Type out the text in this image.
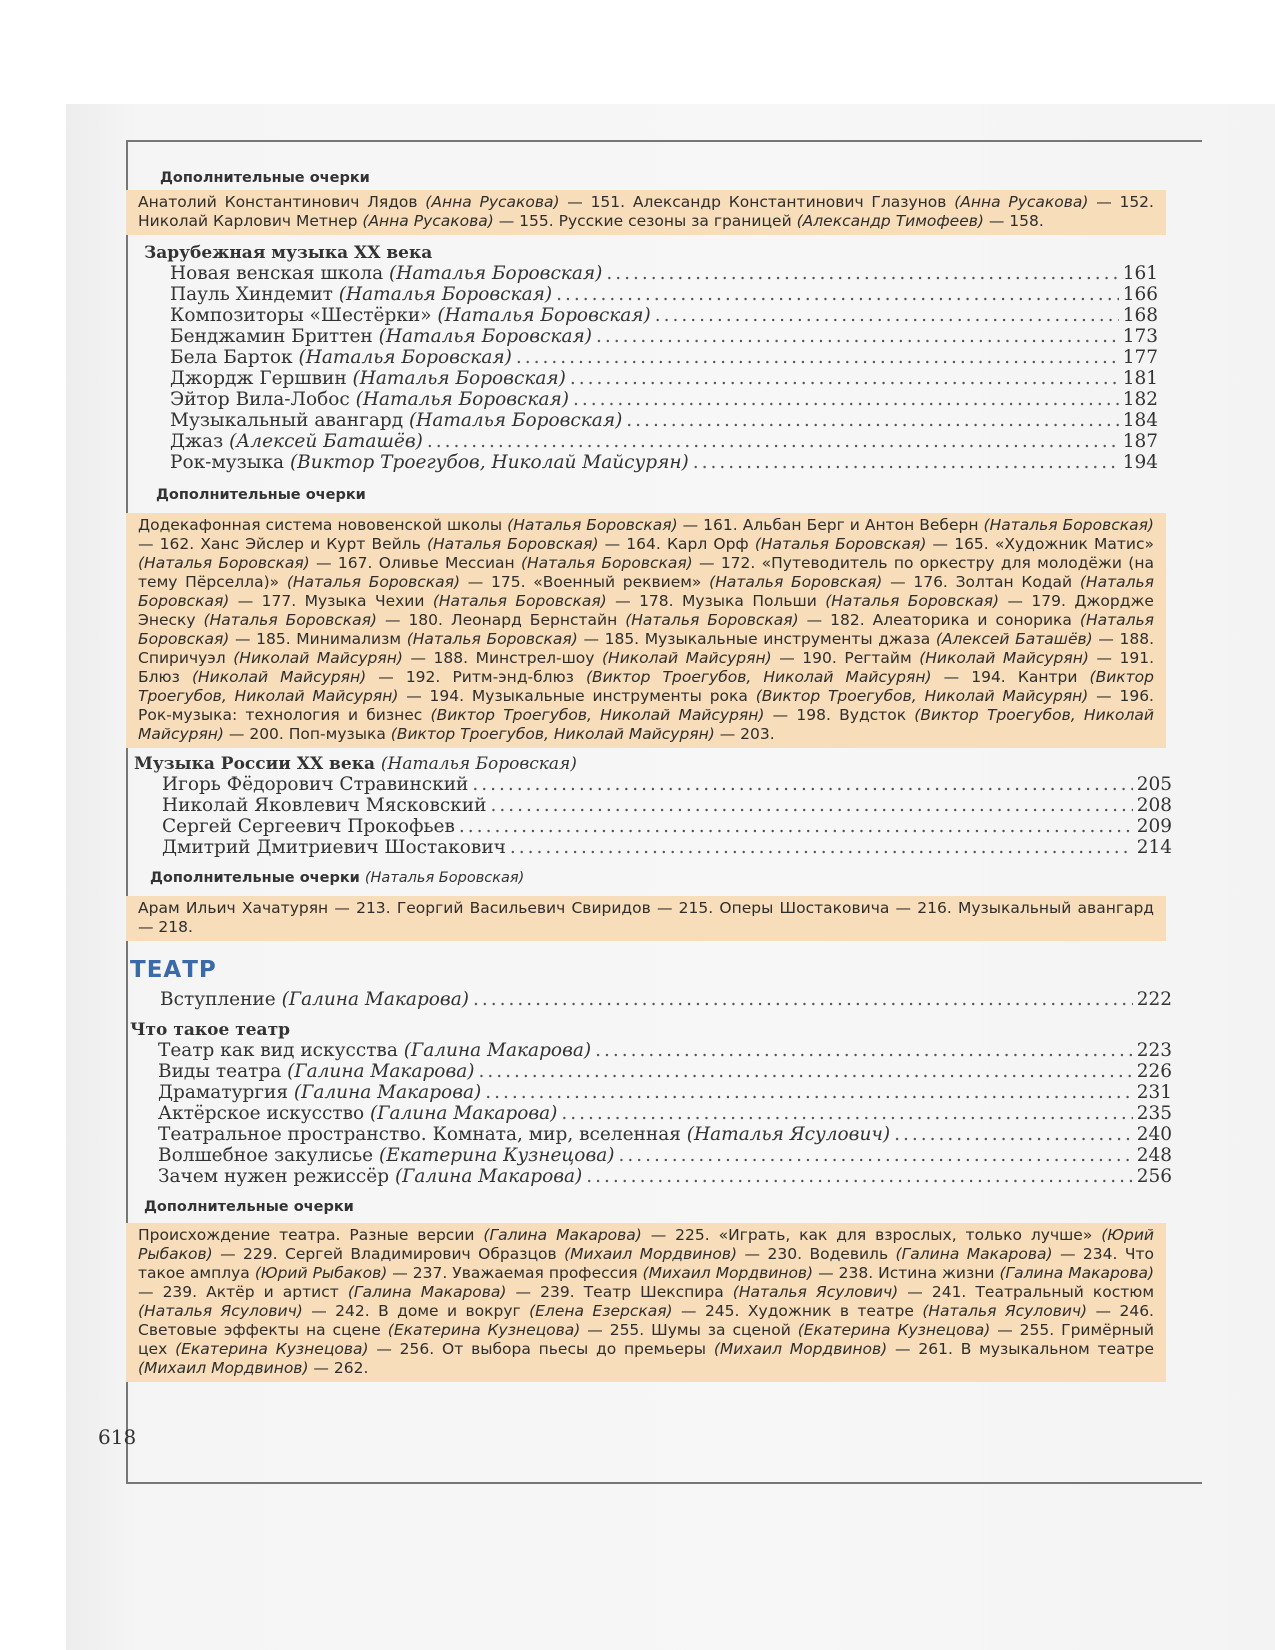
Дополнительные очерки
Анатолий Константинович Лядов (Анна Русакова) — 151. Александр Константинович Глазунов (Анна Русакова) — 152. Николай Карлович Метнер (Анна Русакова) — 155. Русские сезоны за границей (Александр Тимофеев) — 158.
Зарубежная музыка XX века
Новая венская школа (Наталья Боровская) .....	161
Пауль Хиндемит (Наталья Боровская) .....	166
Композиторы «Шестёрки» (Наталья Боровская) .....	168
Бенджамин Бриттен (Наталья Боровская) .....	173
Бела Барток (Наталья Боровская) .....	177
Джордж Гершвин (Наталья Боровская) .....	181
Эйтор Вила-Лобос (Наталья Боровская) .....	182
Музыкальный авангард (Наталья Боровская) .....	184
Джаз (Алексей Баташёв) .....	187
Рок-музыка (Виктор Троегубов, Николай Майсурян) .....	194
Дополнительные очерки
Додекафонная система нововенской школы (Наталья Боровская) — 161. Альбан Берг и Антон Веберн (Наталья Боровская) — 162. Ханс Эйслер и Курт Вейль (Наталья Боровская) — 164. Карл Орф (Наталья Боровская) — 165. «Художник Матис» (Наталья Боровская) — 167. Оливье Мессиан (Наталья Боровская) — 172. «Путеводитель по оркестру для молодёжи (на тему Пёрселла)» (Наталья Боровская) — 175. «Военный реквием» (Наталья Боровская) — 176. Золтан Кодай (Наталья Боровская) — 177. Музыка Чехии (Наталья Боровская) — 178. Музыка Польши (Наталья Боровская) — 179. Джордже Энеску (Наталья Боровская) — 180. Леонард Бернстайн (Наталья Боровская) — 182. Алеаторика и сонорика (Наталья Боровская) — 185. Минимализм (Наталья Боровская) — 185. Музыкальные инструменты джаза (Алексей Баташёв) — 188. Спиричуэл (Николай Майсурян) — 188. Минстрел-шоу (Николай Майсурян) — 190. Регтайм (Николай Майсурян) — 191. Блюз (Николай Майсурян) — 192. Ритм-энд-блюз (Виктор Троегубов, Николай Майсурян) — 194. Кантри (Виктор Троегубов, Николай Майсурян) — 194. Музыкальные инструменты рока (Виктор Троегубов, Николай Майсурян) — 196. Рок-музыка: технология и бизнес (Виктор Троегубов, Николай Майсурян) — 198. Вудсток (Виктор Троегубов, Николай Майсурян) — 200. Поп-музыка (Виктор Троегубов, Николай Майсурян) — 203.
Музыка России XX века (Наталья Боровская)
Игорь Фёдорович Стравинский .....	205
Николай Яковлевич Мясковский .....	208
Сергей Сергеевич Прокофьев .....	209
Дмитрий Дмитриевич Шостакович .....	214
Дополнительные очерки (Наталья Боровская)
Арам Ильич Хачатурян — 213. Георгий Васильевич Свиридов — 215. Оперы Шостаковича — 216. Музыкальный авангард — 218.
ТЕАТР
Вступление (Галина Макарова) .....	222
Что такое театр
Театр как вид искусства (Галина Макарова) .....	223
Виды театра (Галина Макарова) .....	226
Драматургия (Галина Макарова) .....	231
Актёрское искусство (Галина Макарова) .....	235
Театральное пространство. Комната, мир, вселенная (Наталья Ясулович) .....	240
Волшебное закулисье (Екатерина Кузнецова) .....	248
Зачем нужен режиссёр (Галина Макарова) .....	256
Дополнительные очерки
Происхождение театра. Разные версии (Галина Макарова) — 225. «Играть, как для взрослых, только лучше» (Юрий Рыбаков) — 229. Сергей Владимирович Образцов (Михаил Мордвинов) — 230. Водевиль (Галина Макарова) — 234. Что такое амплуа (Юрий Рыбаков) — 237. Уважаемая профессия (Михаил Мордвинов) — 238. Истина жизни (Галина Макарова) — 239. Актёр и артист (Галина Макарова) — 239. Театр Шекспира (Наталья Ясулович) — 241. Театральный костюм (Наталья Ясулович) — 242. В доме и вокруг (Елена Езерская) — 245. Художник в театре (Наталья Ясулович) — 246. Световые эффекты на сцене (Екатерина Кузнецова) — 255. Шумы за сценой (Екатерина Кузнецова) — 255. Гримёрный цех (Екатерина Кузнецова) — 256. От выбора пьесы до премьеры (Михаил Мордвинов) — 261. В музыкальном театре (Михаил Мордвинов) — 262.
618
